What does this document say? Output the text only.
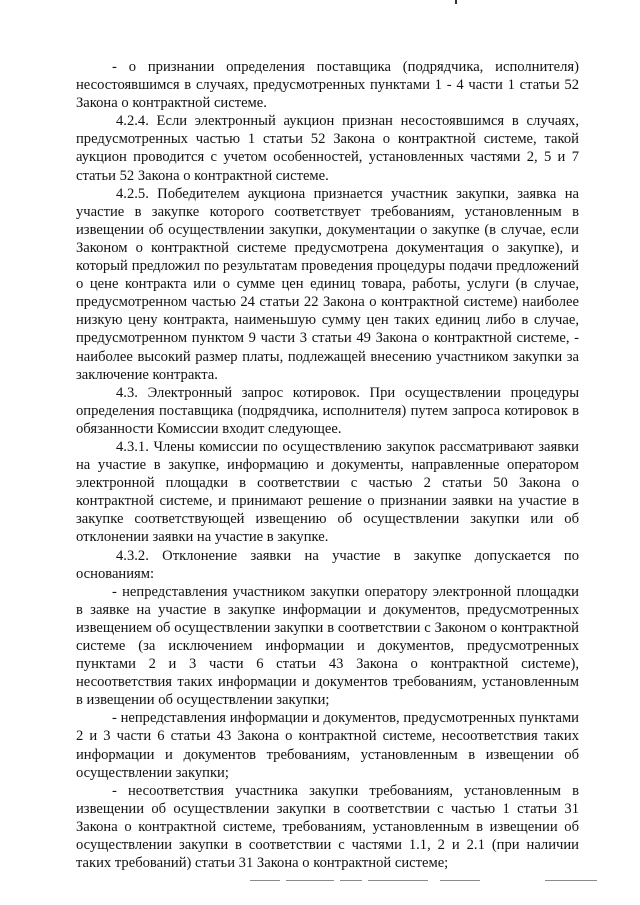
- о признании определения поставщика (подрядчика, исполнителя) несостоявшимся в случаях, предусмотренных пунктами 1 - 4 части 1 статьи 52 Закона о контрактной системе.

4.2.4. Если электронный аукцион признан несостоявшимся в случаях, предусмотренных частью 1 статьи 52 Закона о контрактной системе, такой аукцион проводится с учетом особенностей, установленных частями 2, 5 и 7 статьи 52 Закона о контрактной системе.

4.2.5. Победителем аукциона признается участник закупки, заявка на участие в закупке которого соответствует требованиям, установленным в извещении об осуществлении закупки, документации о закупке (в случае, если Законом о контрактной системе предусмотрена документация о закупке), и который предложил по результатам проведения процедуры подачи предложений о цене контракта или о сумме цен единиц товара, работы, услуги (в случае, предусмотренном частью 24 статьи 22 Закона о контрактной системе) наиболее низкую цену контракта, наименьшую сумму цен таких единиц либо в случае, предусмотренном пунктом 9 части 3 статьи 49 Закона о контрактной системе, - наиболее высокий размер платы, подлежащей внесению участником закупки за заключение контракта.

4.3. Электронный запрос котировок. При осуществлении процедуры определения поставщика (подрядчика, исполнителя) путем запроса котировок в обязанности Комиссии входит следующее.

4.3.1. Члены комиссии по осуществлению закупок рассматривают заявки на участие в закупке, информацию и документы, направленные оператором электронной площадки в соответствии с частью 2 статьи 50 Закона о контрактной системе, и принимают решение о признании заявки на участие в закупке соответствующей извещению об осуществлении закупки или об отклонении заявки на участие в закупке.

4.3.2. Отклонение заявки на участие в закупке допускается по основаниям:

- непредставления участником закупки оператору электронной площадки в заявке на участие в закупке информации и документов, предусмотренных извещением об осуществлении закупки в соответствии с Законом о контрактной системе (за исключением информации и документов, предусмотренных пунктами 2 и 3 части 6 статьи 43 Закона о контрактной системе), несоответствия таких информации и документов требованиям, установленным в извещении об осуществлении закупки;

- непредставления информации и документов, предусмотренных пунктами 2 и 3 части 6 статьи 43 Закона о контрактной системе, несоответствия таких информации и документов требованиям, установленным в извещении об осуществлении закупки;

- несоответствия участника закупки требованиям, установленным в извещении об осуществлении закупки в соответствии с частью 1 статьи 31 Закона о контрактной системе, требованиям, установленным в извещении об осуществлении закупки в соответствии с частями 1.1, 2 и 2.1 (при наличии таких требований) статьи 31 Закона о контрактной системе;
